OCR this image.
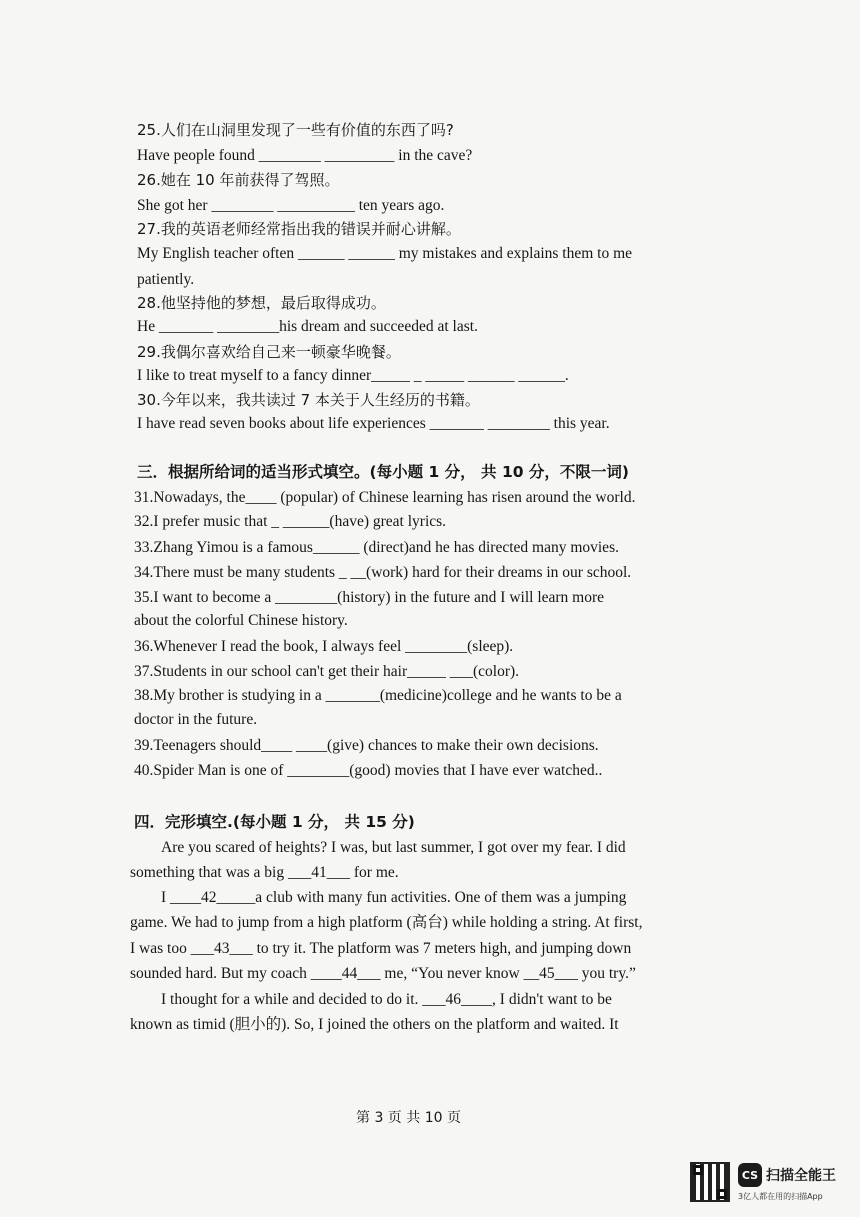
25.人们在山洞里发现了一些有价值的东西了吗?
Have people found ________ _________ in the cave?
26.她在 10 年前获得了驾照。
She got her ________ __________ ten years ago.
27.我的英语老师经常指出我的错误并耐心讲解。
My English teacher often ______ ______ my mistakes and explains them to me
patiently.
28.他坚持他的梦想，最后取得成功。
He _______ ________his dream and succeeded at last.
29.我偶尔喜欢给自己来一顿豪华晚餐。
I like to treat myself to a fancy dinner_____ _ _____ ______ ______.
30.今年以来，我共读过 7 本关于人生经历的书籍。
I have read seven books about life experiences _______ ________ this year.
三．根据所给词的适当形式填空。(每小题 1 分， 共 10 分，不限一词)
31.Nowadays, the____ (popular) of Chinese learning has risen around the world.
32.I prefer music that _ ______(have) great lyrics.
33.Zhang Yimou is a famous______ (direct)and he has directed many movies.
34.There must be many students _ __(work) hard for their dreams in our school.
35.I want to become a ________(history) in the future and I will learn more
about the colorful Chinese history.
36.Whenever I read the book, I always feel ________(sleep).
37.Students in our school can't get their hair_____ ___(color).
38.My brother is studying in a _______(medicine)college and he wants to be a
doctor in the future.
39.Teenagers should____ ____(give) chances to make their own decisions.
40.Spider Man is one of ________(good) movies that I have ever watched..
四．完形填空.(每小题 1 分， 共 15 分)
Are you scared of heights? I was, but last summer, I got over my fear. I did
something that was a big ___41___ for me.
I ____42_____a club with many fun activities. One of them was a jumping
game. We had to jump from a high platform (高台) while holding a string. At first,
I was too ___43___ to try it. The platform was 7 meters high, and jumping down
sounded hard. But my coach ____44___ me, “You never know __45___ you try.”
I thought for a while and decided to do it. ___46____, I didn't want to be
known as timid (胆小的). So, I joined the others on the platform and waited. It
第 3 页 共 10 页
CS 扫描全能王
3亿人都在用的扫描App
